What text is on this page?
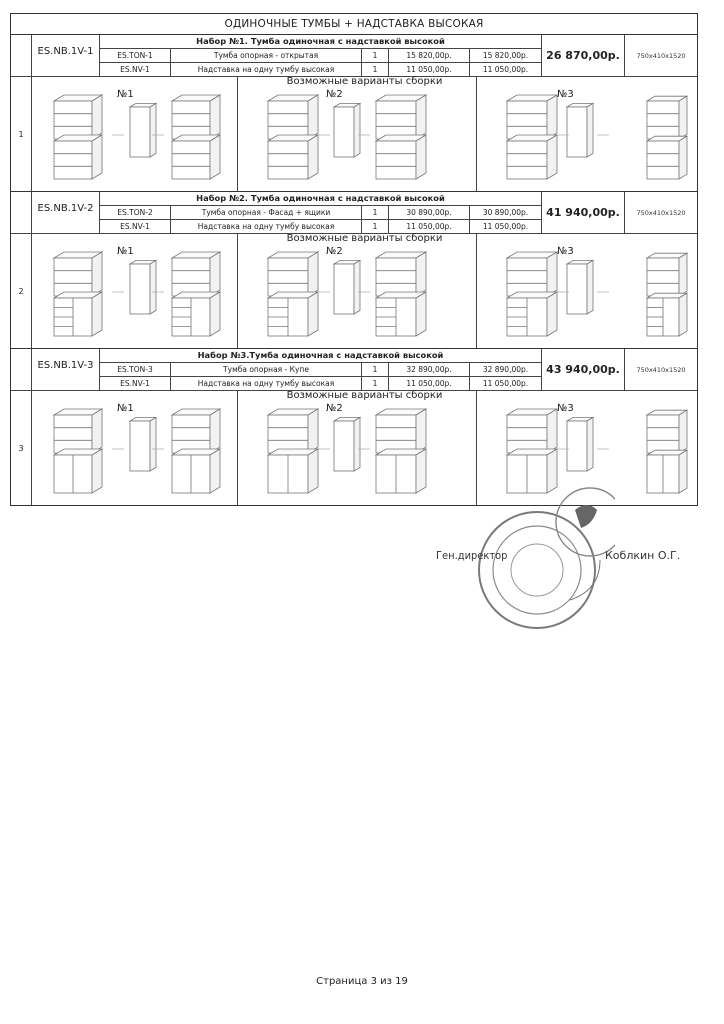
ОДИНОЧНЫЕ ТУМБЫ + НАДСТАВКА ВЫСОКАЯ
ES.NB.1V-1
Набор №1. Тумба одиночная с надставкой высокой
ES.TON-1	Тумба опорная - открытая	1	15 820,00р.	15 820,00р.
ES.NV-1	Надставка на одну тумбу высокая	1	11 050,00р.	11 050,00р.
26 870,00р.	750х410х1520
1
№1	№2	№3
Возможные варианты сборки
ES.NB.1V-2
Набор №2. Тумба одиночная с надставкой высокой
ES.TON-2	Тумба опорная - Фасад + ящики	1	30 890,00р.	30 890,00р.
ES.NV-1	Надставка на одну тумбу высокая	1	11 050,00р.	11 050,00р.
41 940,00р.	750х410х1520
2
№1	№2	№3
Возможные варианты сборки
ES.NB.1V-3
Набор №3.Тумба одиночная с надставкой высокой
ES.TON-3	Тумба опорная - Купе	1	32 890,00р.	32 890,00р.
ES.NV-1	Надставка на одну тумбу высокая	1	11 050,00р.	11 050,00р.
43 940,00р.	750х410х1520
3
№1	№2	№3
Возможные варианты сборки
Ген.директор	Коблкин О.Г.
Страница 3 из 19
